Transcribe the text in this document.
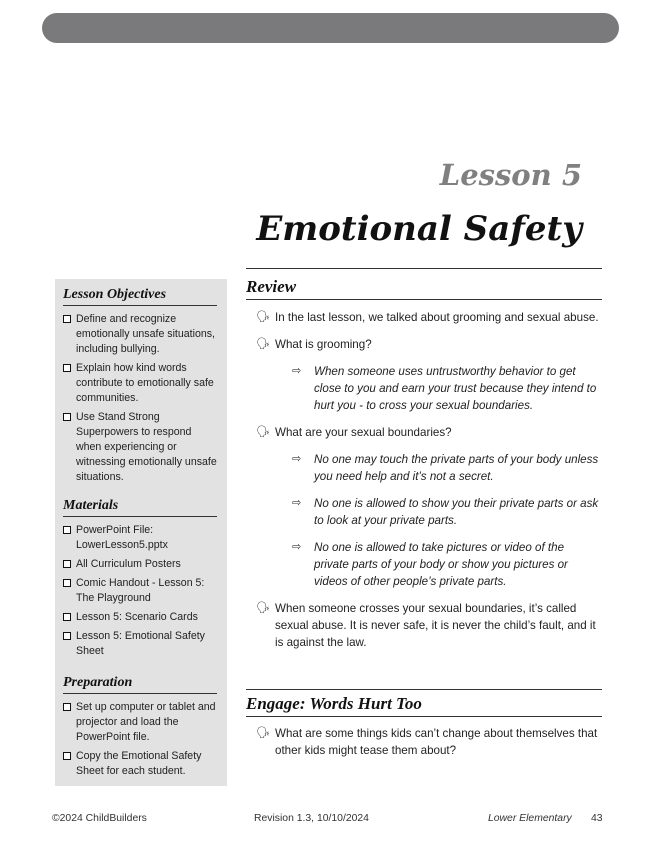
Lesson 5
Emotional Safety
Lesson Objectives
Define and recognize emotionally unsafe situations, including bullying.
Explain how kind words contribute to emotionally safe communities.
Use Stand Strong Superpowers to respond when experiencing or witnessing emotionally unsafe situations.
Materials
PowerPoint File: LowerLesson5.pptx
All Curriculum Posters
Comic Handout - Lesson 5: The Playground
Lesson 5: Scenario Cards
Lesson 5: Emotional Safety Sheet
Preparation
Set up computer or tablet and projector and load the PowerPoint file.
Copy the Emotional Safety Sheet for each student.
Review
🗣 In the last lesson, we talked about grooming and sexual abuse.
🗣 What is grooming?
⇨ When someone uses untrustworthy behavior to get close to you and earn your trust because they intend to hurt you - to cross your sexual boundaries.
🗣 What are your sexual boundaries?
⇨ No one may touch the private parts of your body unless you need help and it’s not a secret.
⇨ No one is allowed to show you their private parts or ask to look at your private parts.
⇨ No one is allowed to take pictures or video of the private parts of your body or show you pictures or videos of other people’s private parts.
🗣 When someone crosses your sexual boundaries, it’s called sexual abuse. It is never safe, it is never the child’s fault, and it is against the law.
Engage: Words Hurt Too
🗣 What are some things kids can’t change about themselves that other kids might tease them about?
©2024 ChildBuilders	Revision 1.3, 10/10/2024	Lower Elementary 43
